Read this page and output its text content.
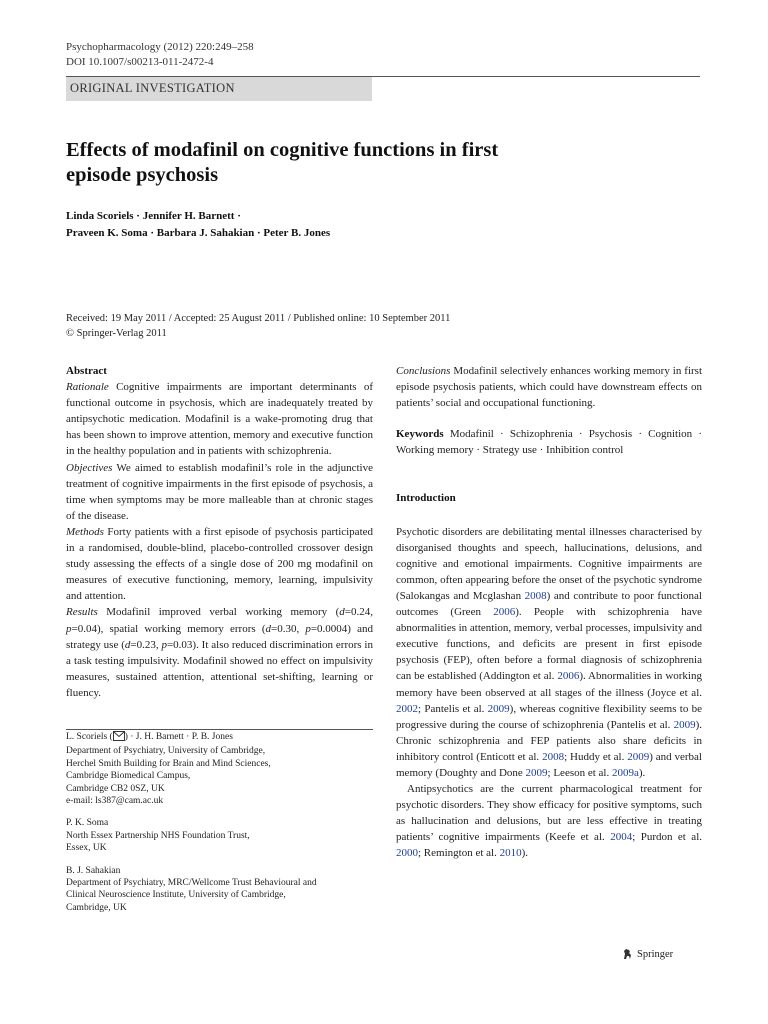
Psychopharmacology (2012) 220:249–258
DOI 10.1007/s00213-011-2472-4
ORIGINAL INVESTIGATION
Effects of modafinil on cognitive functions in first
episode psychosis
Linda Scoriels · Jennifer H. Barnett ·
Praveen K. Soma · Barbara J. Sahakian · Peter B. Jones
Received: 19 May 2011 / Accepted: 25 August 2011 / Published online: 10 September 2011
© Springer-Verlag 2011

Abstract

Rationale Cognitive impairments are important determinants of functional outcome in psychosis, which are inadequately treated by antipsychotic medication. Modafinil is a wake-promoting drug that has been shown to improve attention, memory and executive function in the healthy population and in patients with schizophrenia.

Objectives We aimed to establish modafinil’s role in the adjunctive treatment of cognitive impairments in the first episode of psychosis, a time when symptoms may be more malleable than at chronic stages of the disease.

Methods Forty patients with a first episode of psychosis participated in a randomised, double-blind, placebo-controlled crossover design study assessing the effects of a single dose of 200 mg modafinil on measures of executive functioning, memory, learning, impulsivity and attention.

Results Modafinil improved verbal working memory (d=0.24, p=0.04), spatial working memory errors (d=0.30, p=0.0004) and strategy use (d=0.23, p=0.03). It also reduced discrimination errors in a task testing impulsivity. Modafinil showed no effect on impulsivity measures, sustained attention, attentional set-shifting, learning or fluency.

L. Scoriels ( ) · J. H. Barnett · P. B. Jones
Department of Psychiatry, University of Cambridge,
Herchel Smith Building for Brain and Mind Sciences,
Cambridge Biomedical Campus,
Cambridge CB2 0SZ, UK
e-mail: ls387@cam.ac.uk

P. K. Soma
North Essex Partnership NHS Foundation Trust,
Essex, UK

B. J. Sahakian
Department of Psychiatry, MRC/Wellcome Trust Behavioural and
Clinical Neuroscience Institute, University of Cambridge,
Cambridge, UK

Conclusions Modafinil selectively enhances working memory in first episode psychosis patients, which could have downstream effects on patients’ social and occupational functioning.

Keywords Modafinil · Schizophrenia · Psychosis · Cognition · Working memory · Strategy use · Inhibition control

Introduction

Psychotic disorders are debilitating mental illnesses characterised by disorganised thoughts and speech, hallucinations, delusions, and cognitive and emotional impairments. Cognitive impairments are common, often appearing before the onset of the psychotic syndrome (Salokangas and Mcglashan 2008) and contribute to poor functional outcomes (Green 2006). People with schizophrenia have abnormalities in attention, memory, verbal processes, impulsivity and executive functions, and deficits are present in first episode psychosis (FEP), often before a formal diagnosis of schizophrenia can be established (Addington et al. 2006). Abnormalities in working memory have been observed at all stages of the illness (Joyce et al. 2002; Pantelis et al. 2009), whereas cognitive flexibility seems to be progressive during the course of schizophrenia (Pantelis et al. 2009). Chronic schizophrenia and FEP patients also share deficits in inhibitory control (Enticott et al. 2008; Huddy et al. 2009) and verbal memory (Doughty and Done 2009; Leeson et al. 2009a).

Antipsychotics are the current pharmacological treatment for psychotic disorders. They show efficacy for positive symptoms, such as hallucination and delusions, but are less effective in treating patients’ cognitive impairments (Keefe et al. 2004; Purdon et al. 2000; Remington et al. 2010).

Springer
